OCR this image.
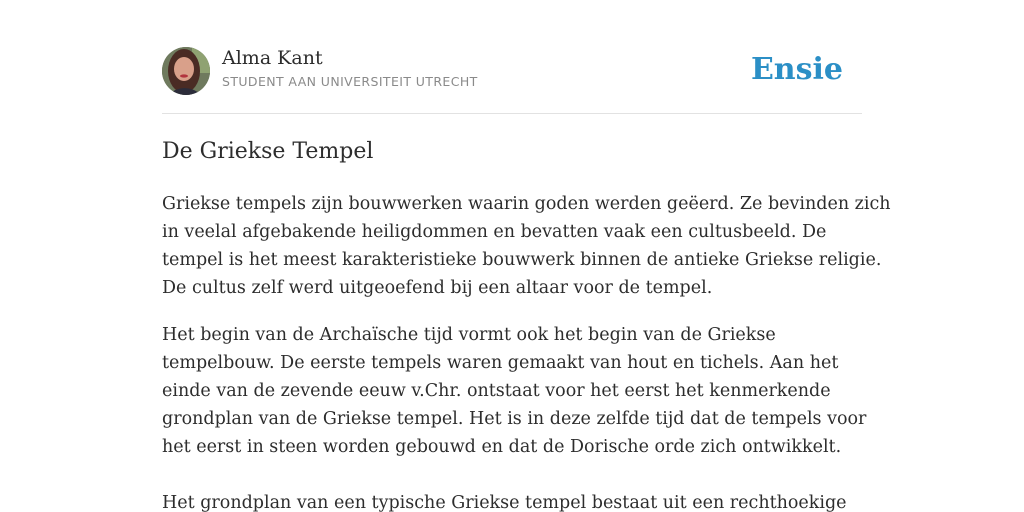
Alma Kant
STUDENT AAN UNIVERSITEIT UTRECHT	Ensie
De Griekse Tempel

Griekse tempels zijn bouwwerken waarin goden werden geëerd. Ze bevinden zich
in veelal afgebakende heiligdommen en bevatten vaak een cultusbeeld. De
tempel is het meest karakteristieke bouwwerk binnen de antieke Griekse religie.
De cultus zelf werd uitgeoefend bij een altaar voor de tempel.

Het begin van de Archaïsche tijd vormt ook het begin van de Griekse
tempelbouw. De eerste tempels waren gemaakt van hout en tichels. Aan het
einde van de zevende eeuw v.Chr. ontstaat voor het eerst het kenmerkende
grondplan van de Griekse tempel. Het is in deze zelfde tijd dat de tempels voor
het eerst in steen worden gebouwd en dat de Dorische orde zich ontwikkelt.
Het grondplan van een typische Griekse tempel bestaat uit een rechthoekige
